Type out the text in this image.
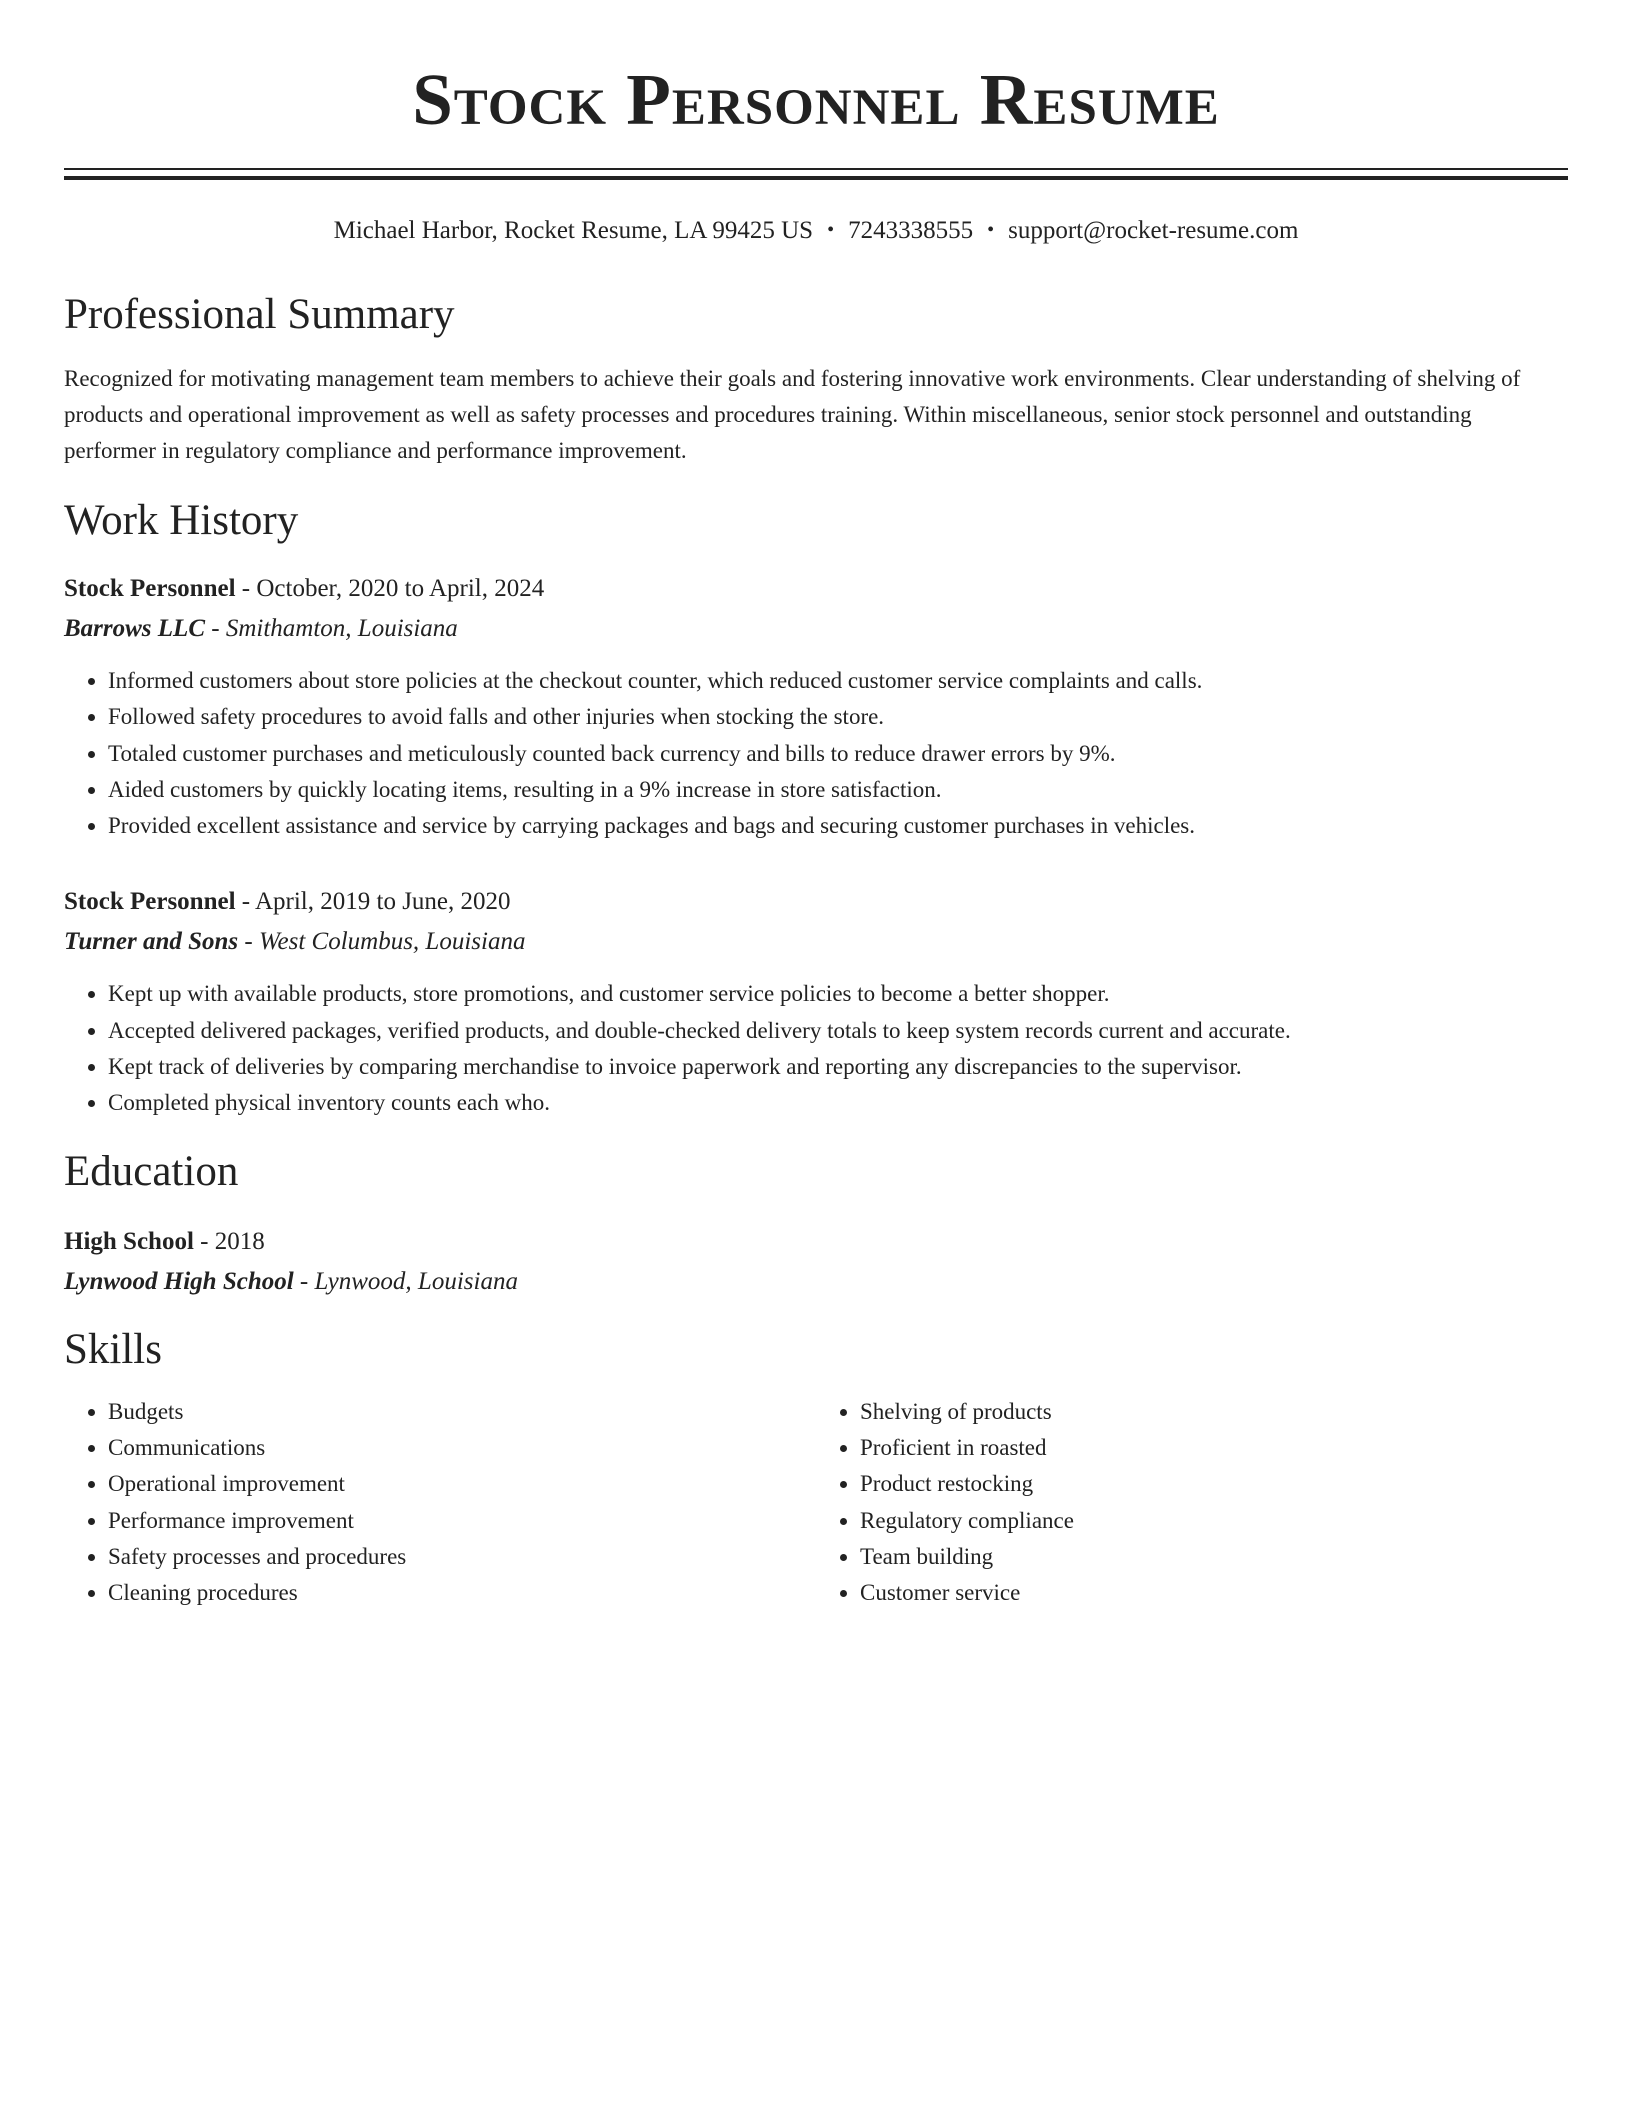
Stock Personnel Resume
Michael Harbor, Rocket Resume, LA 99425 US • 7243338555 • support@rocket-resume.com
Professional Summary

Recognized for motivating management team members to achieve their goals and fostering innovative work environments. Clear understanding of shelving of products and operational improvement as well as safety processes and procedures training. Within miscellaneous, senior stock personnel and outstanding performer in regulatory compliance and performance improvement.

Work History
Stock Personnel - October, 2020 to April, 2024
Barrows LLC - Smithamton, Louisiana
• Informed customers about store policies at the checkout counter, which reduced customer service complaints and calls.
• Followed safety procedures to avoid falls and other injuries when stocking the store.
• Totaled customer purchases and meticulously counted back currency and bills to reduce drawer errors by 9%.
• Aided customers by quickly locating items, resulting in a 9% increase in store satisfaction.
• Provided excellent assistance and service by carrying packages and bags and securing customer purchases in vehicles.
Stock Personnel - April, 2019 to June, 2020
Turner and Sons - West Columbus, Louisiana
• Kept up with available products, store promotions, and customer service policies to become a better shopper.
• Accepted delivered packages, verified products, and double-checked delivery totals to keep system records current and accurate.
• Kept track of deliveries by comparing merchandise to invoice paperwork and reporting any discrepancies to the supervisor.
• Completed physical inventory counts each who.
Education
High School - 2018
Lynwood High School - Lynwood, Louisiana
Skills
• Budgets
• Communications
• Operational improvement
• Performance improvement
• Safety processes and procedures
• Cleaning procedures
• Shelving of products
• Proficient in roasted
• Product restocking
• Regulatory compliance
• Team building
• Customer service
